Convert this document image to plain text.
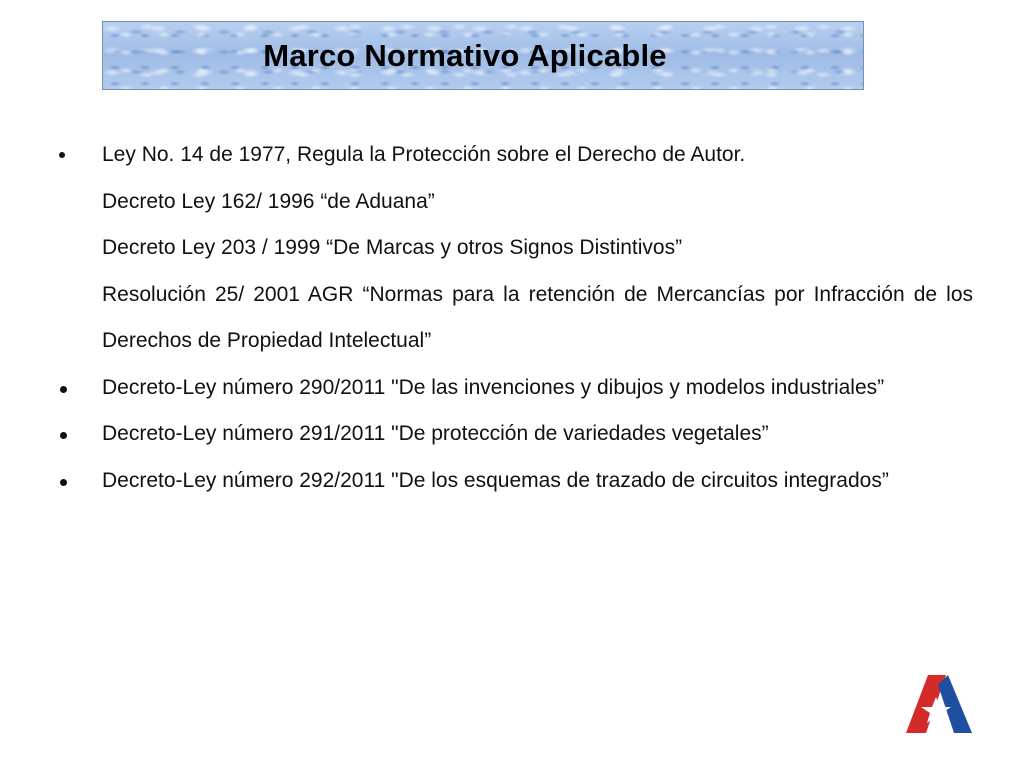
Marco Normativo Aplicable
Ley No. 14 de 1977, Regula la Protección sobre el Derecho de Autor.
Decreto Ley 162/ 1996 “de Aduana”
Decreto Ley 203 / 1999 “De Marcas y otros Signos Distintivos”
Resolución 25/ 2001 AGR “Normas para la retención de Mercancías por Infracción de los Derechos de Propiedad Intelectual”
Decreto-Ley número 290/2011 "De las invenciones y dibujos y modelos industriales”
Decreto-Ley número 291/2011 "De protección de variedades vegetales”
Decreto-Ley número 292/2011 "De los esquemas de trazado de circuitos integrados”
